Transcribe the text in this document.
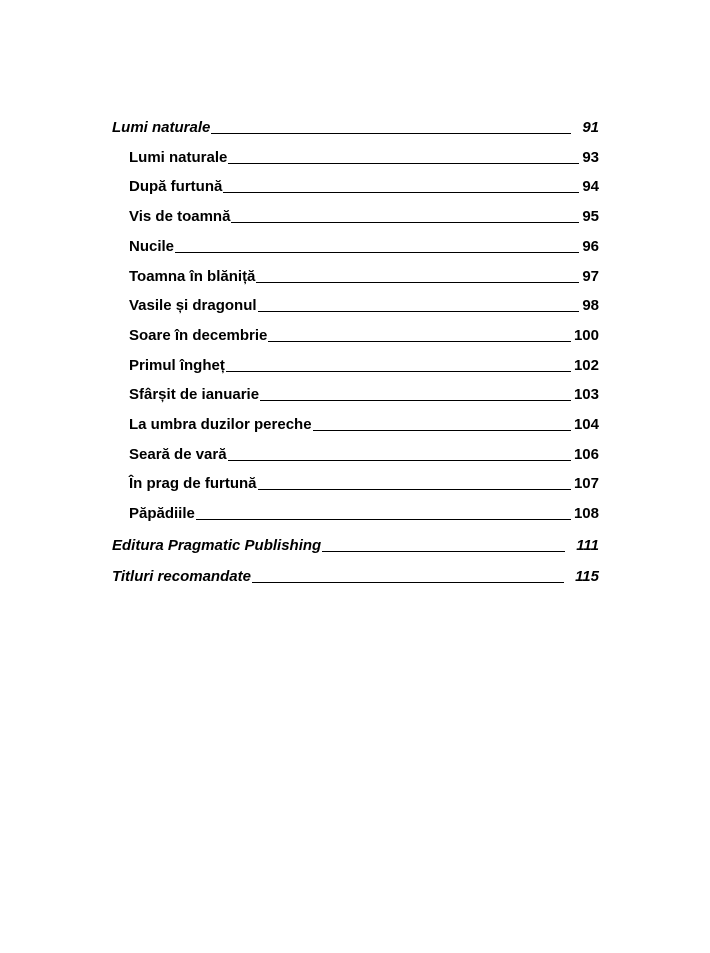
Lumi naturale	91
Lumi naturale	93
După furtună	94
Vis de toamnă	95
Nucile	96
Toamna în blăniță	97
Vasile și dragonul	98
Soare în decembrie	100
Primul îngheț	102
Sfârșit de ianuarie	103
La umbra duzilor pereche	104
Seară de vară	106
În prag de furtună	107
Păpădiile	108
Editura Pragmatic Publishing	111
Titluri recomandate	115
